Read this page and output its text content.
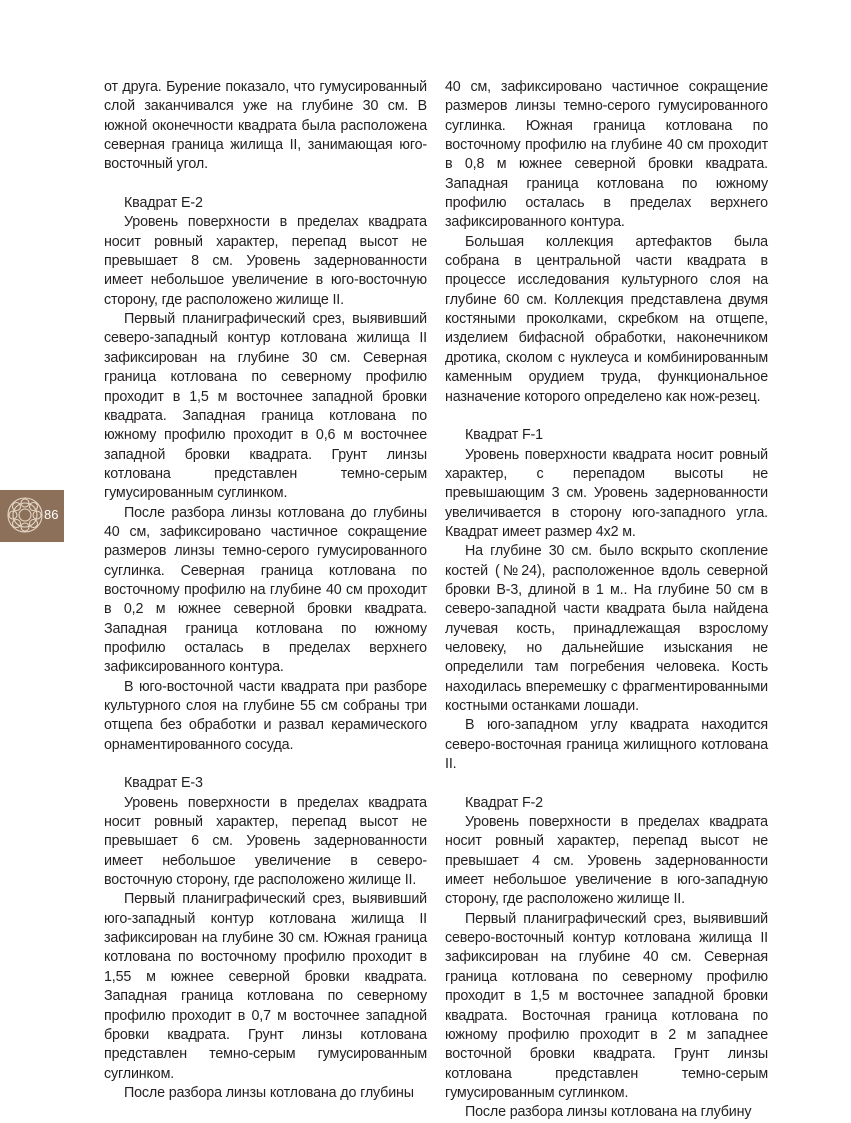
от друга. Бурение показало, что гумусированный слой заканчивался уже на глубине 30 см. В южной оконечности квадрата была расположена северная граница жилища II, занимающая юго-восточный угол.

Квадрат Е-2

Уровень поверхности в пределах квадрата носит ровный характер, перепад высот не превышает 8 см. Уровень задернованности имеет небольшое увеличение в юго-восточную сторону, где расположено жилище II.

Первый планиграфический срез, выявивший северо-западный контур котлована жилища II зафиксирован на глубине 30 см. Северная граница котлована по северному профилю проходит в 1,5 м восточнее западной бровки квадрата. Западная граница котлована по южному профилю проходит в 0,6 м восточнее западной бровки квадрата. Грунт линзы котлована представлен темно-серым гумусированным суглинком.

После разбора линзы котлована до глубины 40 см, зафиксировано частичное сокращение размеров линзы темно-серого гумусированного суглинка. Северная граница котлована по восточному профилю на глубине 40 см проходит в 0,2 м южнее северной бровки квадрата. Западная граница котлована по южному профилю осталась в пределах верхнего зафиксированного контура.

В юго-восточной части квадрата при разборе культурного слоя на глубине 55 см собраны три отщепа без обработки и развал керамического орнаментированного сосуда.

Квадрат Е-3

Уровень поверхности в пределах квадрата носит ровный характер, перепад высот не превышает 6 см. Уровень задернованности имеет небольшое увеличение в северо-восточную сторону, где расположено жилище II.

Первый планиграфический срез, выявивший юго-западный контур котлована жилища II зафиксирован на глубине 30 см. Южная граница котлована по восточному профилю проходит в 1,55 м южнее северной бровки квадрата. Западная граница котлована по северному профилю проходит в 0,7 м восточнее западной бровки квадрата. Грунт линзы котлована представлен темно-серым гумусированным суглинком.

После разбора линзы котлована до глубины

40 см, зафиксировано частичное сокращение размеров линзы темно-серого гумусированного суглинка. Южная граница котлована по восточному профилю на глубине 40 см проходит в 0,8 м южнее северной бровки квадрата. Западная граница котлована по южному профилю осталась в пределах верхнего зафиксированного контура.

Большая коллекция артефактов была собрана в центральной части квадрата в процессе исследования культурного слоя на глубине 60 см. Коллекция представлена двумя костяными проколками, скребком на отщепе, изделием бифасной обработки, наконечником дротика, сколом с нуклеуса и комбинированным каменным орудием труда, функциональное назначение которого определено как нож-резец.

Квадрат F-1

Уровень поверхности квадрата носит ровный характер, с перепадом высоты не превышающим 3 см. Уровень задернованности увеличивается в сторону юго-западного угла. Квадрат имеет размер 4х2 м.

На глубине 30 см. было вскрыто скопление костей (№24), расположенное вдоль северной бровки В-3, длиной в 1 м.. На глубине 50 см в северо-западной части квадрата была найдена лучевая кость, принадлежащая взрослому человеку, но дальнейшие изыскания не определили там погребения человека. Кость находилась вперемешку с фрагментированными костными останками лошади.

В юго-западном углу квадрата находится северо-восточная граница жилищного котлована II.

Квадрат F-2

Уровень поверхности в пределах квадрата носит ровный характер, перепад высот не превышает 4 см. Уровень задернованности имеет небольшое увеличение в юго-западную сторону, где расположено жилище II.

Первый планиграфический срез, выявивший северо-восточный контур котлована жилища II зафиксирован на глубине 40 см. Северная граница котлована по северному профилю проходит в 1,5 м восточнее западной бровки квадрата. Восточная граница котлована по южному профилю проходит в 2 м западнее восточной бровки квадрата. Грунт линзы котлована представлен темно-серым гумусированным суглинком.

После разбора линзы котлована на глубину

86
